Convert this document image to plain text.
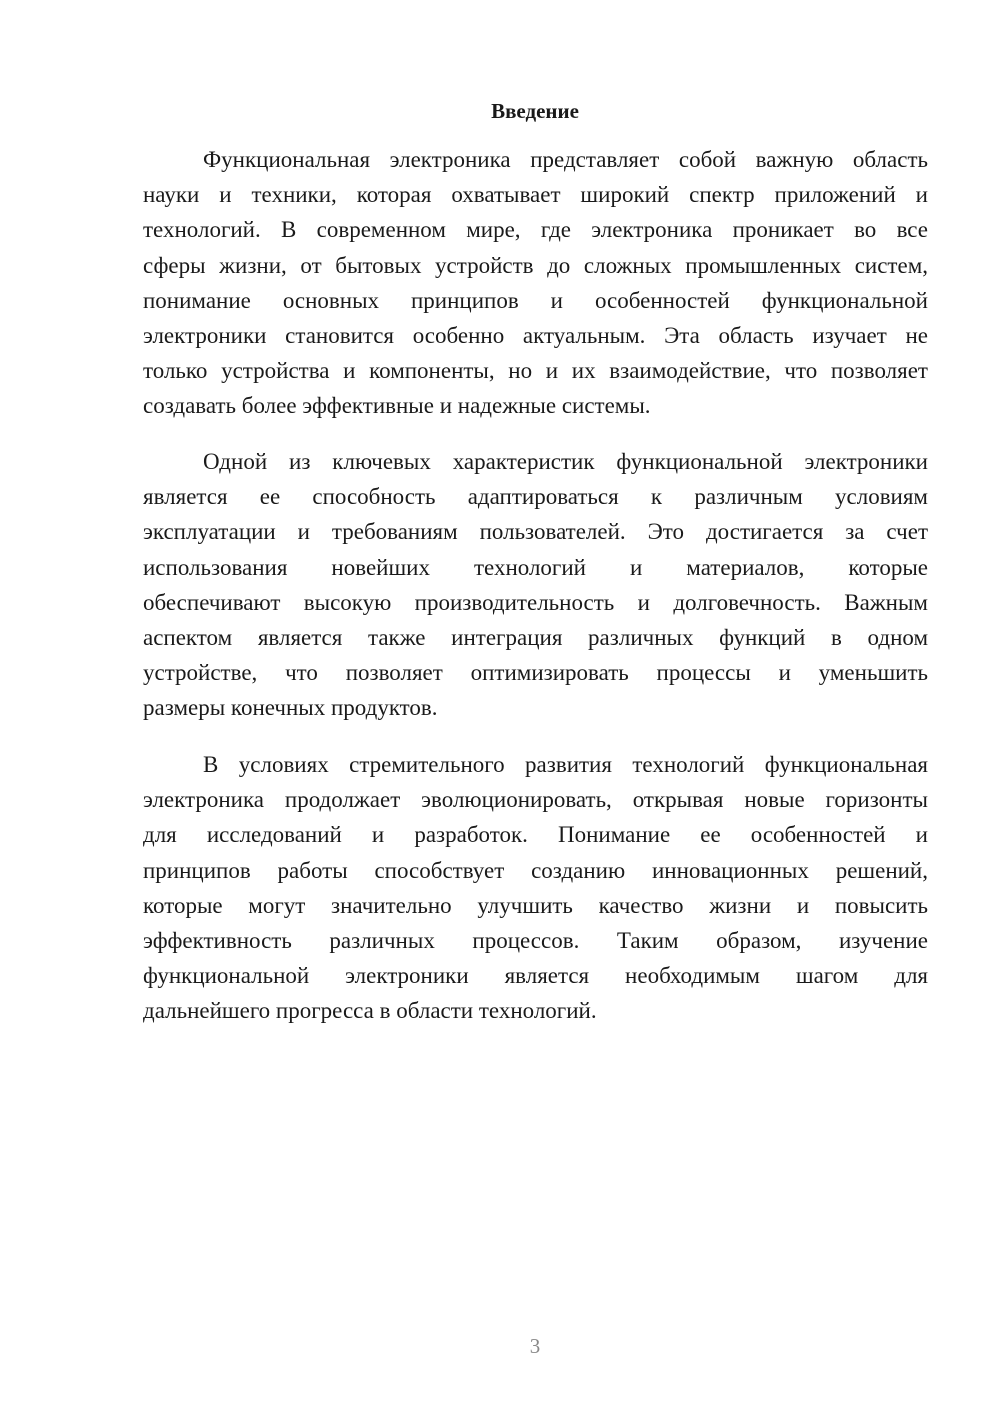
Введение
Функциональная электроника представляет собой важную область
науки и техники, которая охватывает широкий спектр приложений и
технологий. В современном мире, где электроника проникает во все
сферы жизни, от бытовых устройств до сложных промышленных систем,
понимание основных принципов и особенностей функциональной
электроники становится особенно актуальным. Эта область изучает не
только устройства и компоненты, но и их взаимодействие, что позволяет
создавать более эффективные и надежные системы.
Одной из ключевых характеристик функциональной электроники
является ее способность адаптироваться к различным условиям
эксплуатации и требованиям пользователей. Это достигается за счет
использования новейших технологий и материалов, которые
обеспечивают высокую производительность и долговечность. Важным
аспектом является также интеграция различных функций в одном
устройстве, что позволяет оптимизировать процессы и уменьшить
размеры конечных продуктов.
В условиях стремительного развития технологий функциональная
электроника продолжает эволюционировать, открывая новые горизонты
для исследований и разработок. Понимание ее особенностей и
принципов работы способствует созданию инновационных решений,
которые могут значительно улучшить качество жизни и повысить
эффективность различных процессов. Таким образом, изучение
функциональной электроники является необходимым шагом для
дальнейшего прогресса в области технологий.
3
